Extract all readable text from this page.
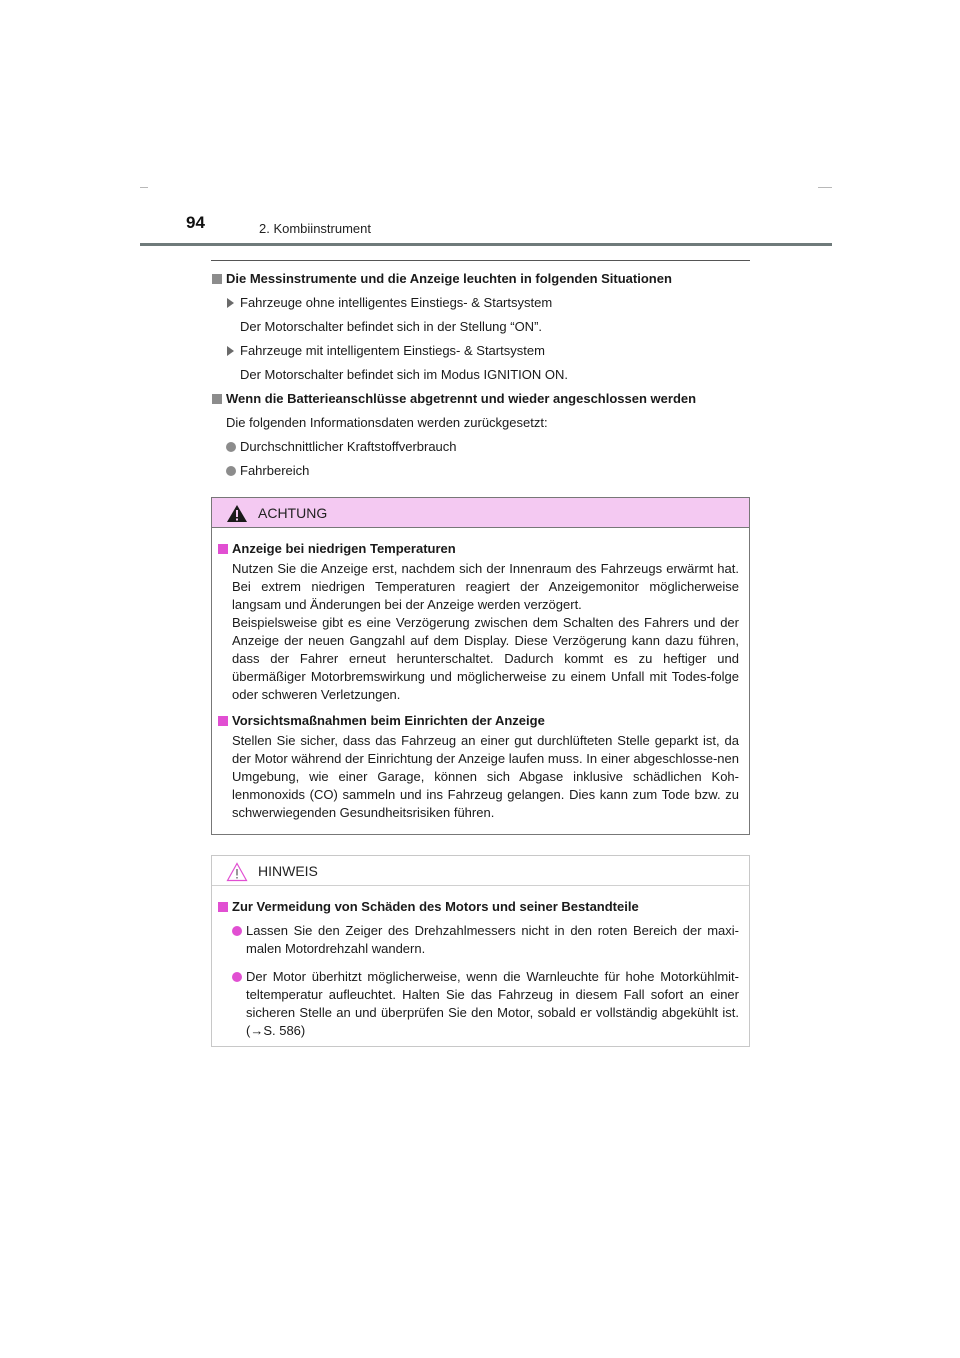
94	2. Kombiinstrument
Die Messinstrumente und die Anzeige leuchten in folgenden Situationen
Fahrzeuge ohne intelligentes Einstiegs- & Startsystem
Der Motorschalter befindet sich in der Stellung “ON”.
Fahrzeuge mit intelligentem Einstiegs- & Startsystem
Der Motorschalter befindet sich im Modus IGNITION ON.
Wenn die Batterieanschlüsse abgetrennt und wieder angeschlossen werden
Die folgenden Informationsdaten werden zurückgesetzt:
Durchschnittlicher Kraftstoffverbrauch
Fahrbereich
ACHTUNG
Anzeige bei niedrigen Temperaturen
Nutzen Sie die Anzeige erst, nachdem sich der Innenraum des Fahrzeugs erwärmt hat. Bei extrem niedrigen Temperaturen reagiert der Anzeigemonitor möglicherweise langsam und Änderungen bei der Anzeige werden verzögert.
Beispielsweise gibt es eine Verzögerung zwischen dem Schalten des Fahrers und der Anzeige der neuen Gangzahl auf dem Display. Diese Verzögerung kann dazu führen, dass der Fahrer erneut herunterschaltet. Dadurch kommt es zu heftiger und übermäßiger Motorbremswirkung und möglicherweise zu einem Unfall mit Todes-folge oder schweren Verletzungen.
Vorsichtsmaßnahmen beim Einrichten der Anzeige
Stellen Sie sicher, dass das Fahrzeug an einer gut durchlüfteten Stelle geparkt ist, da der Motor während der Einrichtung der Anzeige laufen muss. In einer abgeschlosse-nen Umgebung, wie einer Garage, können sich Abgase inklusive schädlichen Koh-lenmonoxids (CO) sammeln und ins Fahrzeug gelangen. Dies kann zum Tode bzw. zu schwerwiegenden Gesundheitsrisiken führen.
HINWEIS
Zur Vermeidung von Schäden des Motors und seiner Bestandteile
Lassen Sie den Zeiger des Drehzahlmessers nicht in den roten Bereich der maxi-malen Motordrehzahl wandern.
Der Motor überhitzt möglicherweise, wenn die Warnleuchte für hohe Motorkühlmit-teltemperatur aufleuchtet. Halten Sie das Fahrzeug in diesem Fall sofort an einer sicheren Stelle an und überprüfen Sie den Motor, sobald er vollständig abgekühlt ist. (→S. 586)
